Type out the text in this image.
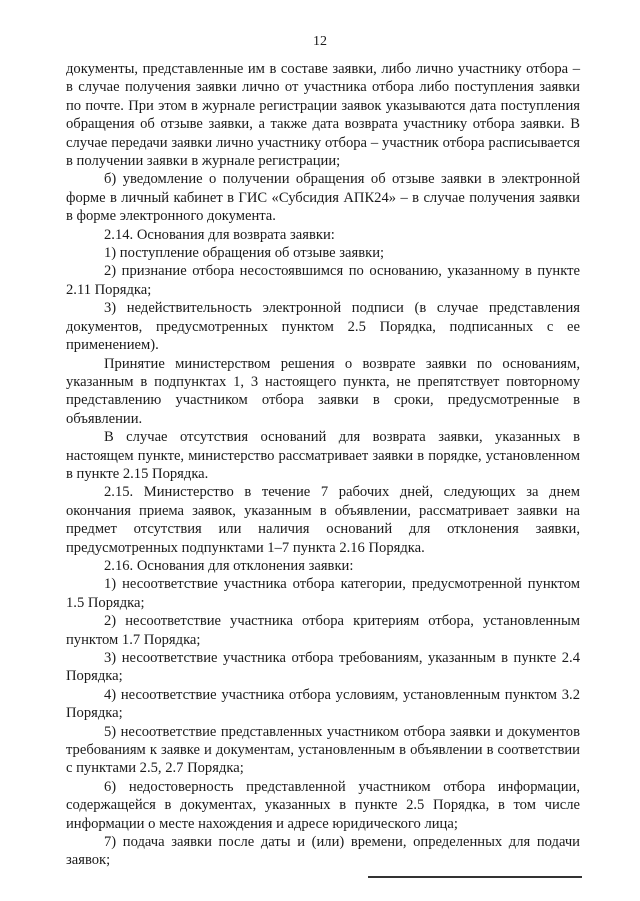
12

документы, представленные им в составе заявки, либо лично участнику отбора – в случае получения заявки лично от участника отбора либо поступления заявки по почте. При этом в журнале регистрации заявок указываются дата поступления обращения об отзыве заявки, а также дата возврата участнику отбора заявки. В случае передачи заявки лично участнику отбора – участник отбора расписывается в получении заявки в журнале регистрации;

б) уведомление о получении обращения об отзыве заявки в электронной форме в личный кабинет в ГИС «Субсидия АПК24» – в случае получения заявки в форме электронного документа.

2.14. Основания для возврата заявки:

1) поступление обращения об отзыве заявки;

2) признание отбора несостоявшимся по основанию, указанному в пункте 2.11 Порядка;

3) недействительность электронной подписи (в случае представления документов, предусмотренных пунктом 2.5 Порядка, подписанных с ее применением).

Принятие министерством решения о возврате заявки по основаниям, указанным в подпунктах 1, 3 настоящего пункта, не препятствует повторному представлению участником отбора заявки в сроки, предусмотренные в объявлении.

В случае отсутствия оснований для возврата заявки, указанных в настоящем пункте, министерство рассматривает заявки в порядке, установленном в пункте 2.15 Порядка.

2.15. Министерство в течение 7 рабочих дней, следующих за днем окончания приема заявок, указанным в объявлении, рассматривает заявки на предмет отсутствия или наличия оснований для отклонения заявки, предусмотренных подпунктами 1–7 пункта 2.16 Порядка.

2.16. Основания для отклонения заявки:

1) несоответствие участника отбора категории, предусмотренной пунктом 1.5 Порядка;

2) несоответствие участника отбора критериям отбора, установленным пунктом 1.7 Порядка;

3) несоответствие участника отбора требованиям, указанным в пункте 2.4 Порядка;

4) несоответствие участника отбора условиям, установленным пунктом 3.2 Порядка;

5) несоответствие представленных участником отбора заявки и документов требованиям к заявке и документам, установленным в объявлении в соответствии с пунктами 2.5, 2.7 Порядка;

6) недостоверность представленной участником отбора информации, содержащейся в документах, указанных в пункте 2.5 Порядка, в том числе информации о месте нахождения и адресе юридического лица;

7) подача заявки после даты и (или) времени, определенных для подачи заявок;
